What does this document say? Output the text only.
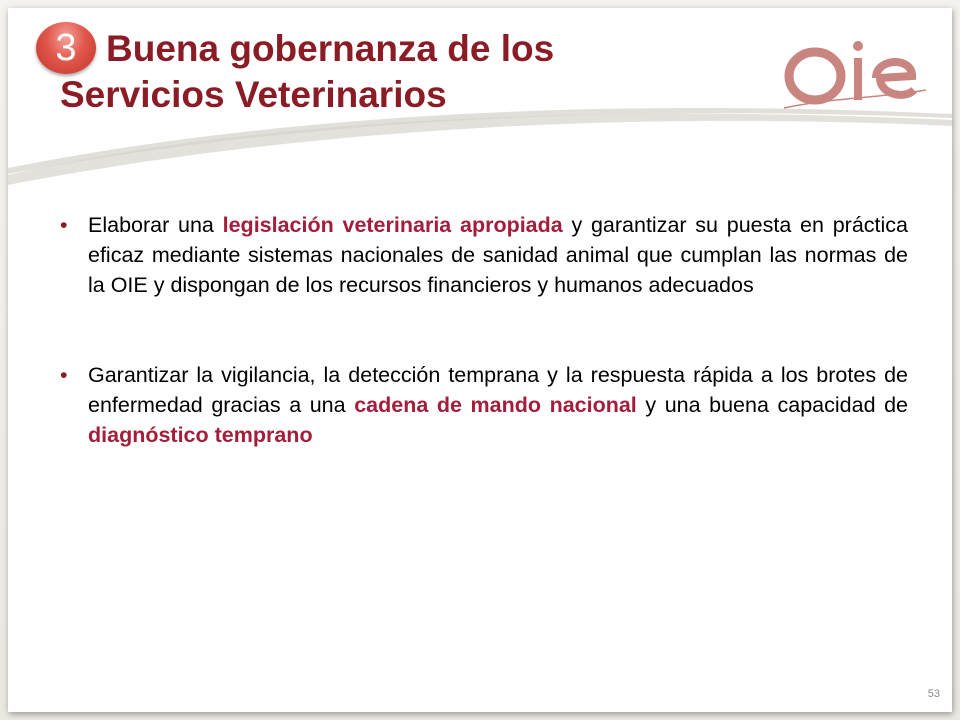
3 Buena gobernanza de los
Servicios Veterinarios
OIE
• Elaborar una legislación veterinaria apropiada y garantizar su puesta en práctica eficaz mediante sistemas nacionales de sanidad animal que cumplan las normas de la OIE y dispongan de los recursos financieros y humanos adecuados
• Garantizar la vigilancia, la detección temprana y la respuesta rápida a los brotes de enfermedad gracias a una cadena de mando nacional y una buena capacidad de diagnóstico temprano
53
